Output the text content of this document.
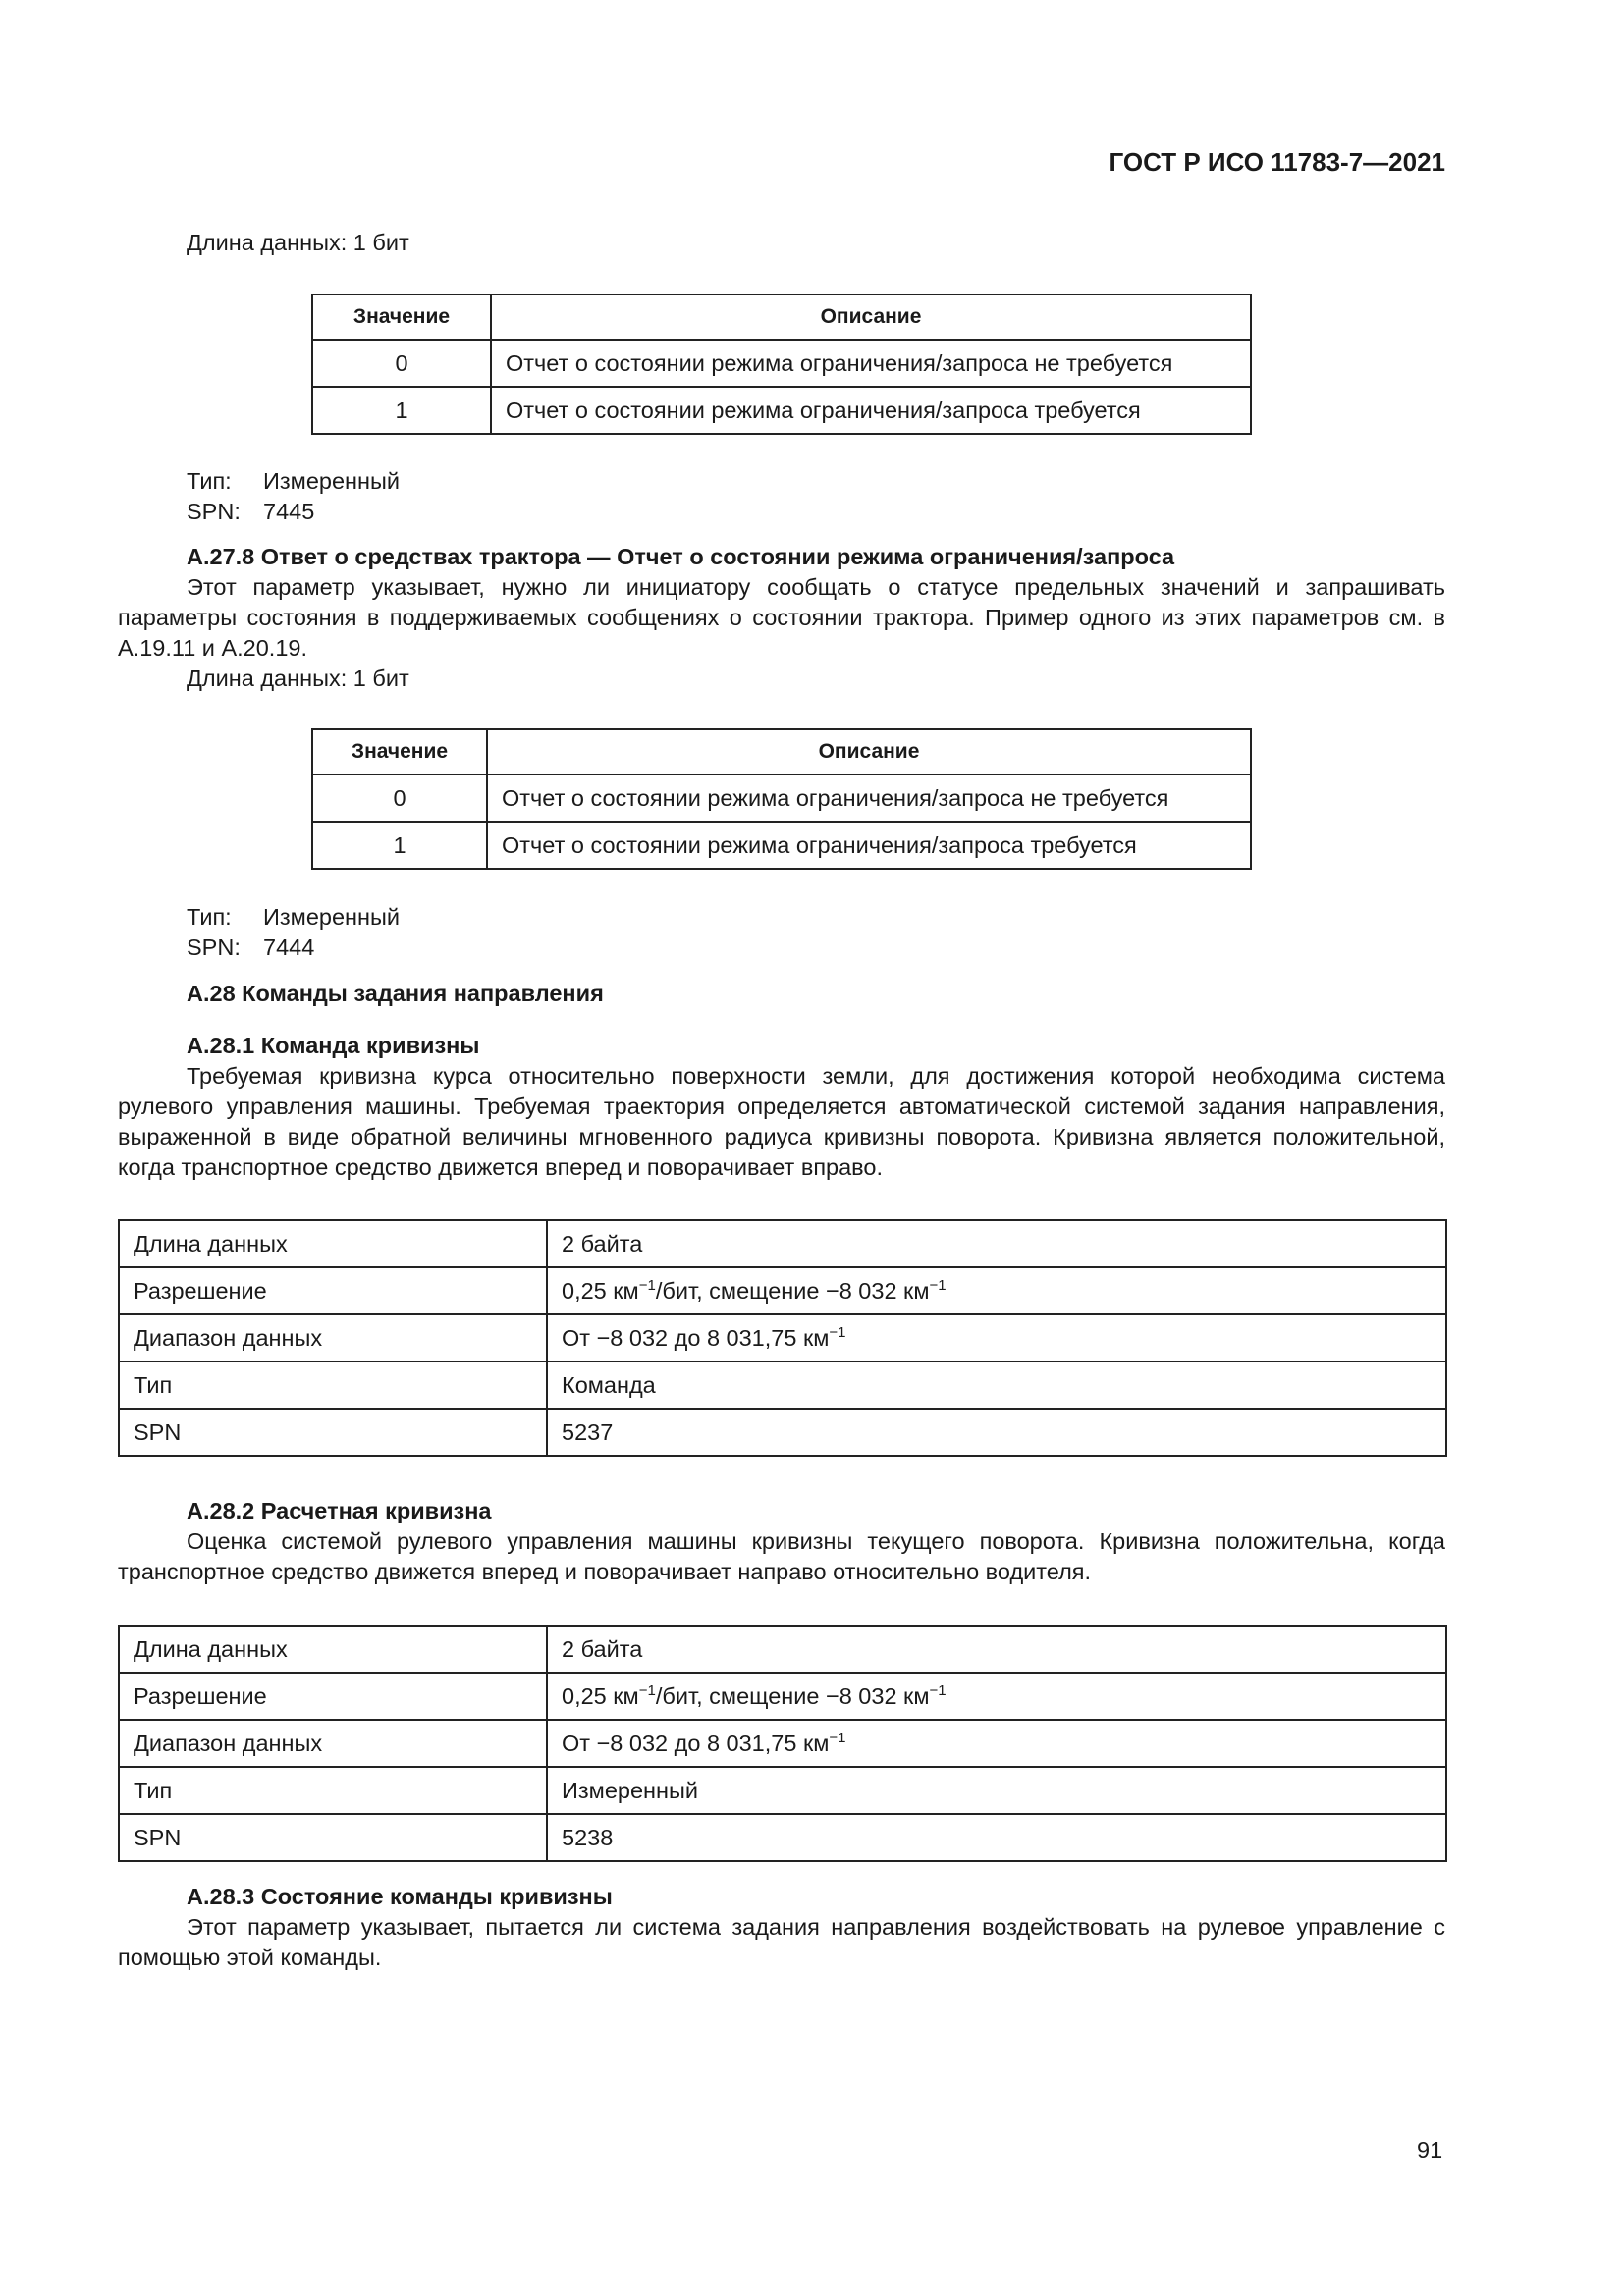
ГОСТ Р ИСО 11783-7—2021

Длина данных: 1 бит

Значение	Описание
0	Отчет о состоянии режима ограничения/запроса не требуется
1	Отчет о состоянии режима ограничения/запроса требуется

Тип: Измеренный

SPN: 7445

А.27.8 Ответ о средствах трактора — Отчет о состоянии режима ограничения/запроса

Этот параметр указывает, нужно ли инициатору сообщать о статусе предельных значений и запрашивать параметры состояния в поддерживаемых сообщениях о состоянии трактора. Пример одного из этих параметров см. в А.19.11 и А.20.19.

Длина данных: 1 бит

Значение	Описание
0	Отчет о состоянии режима ограничения/запроса не требуется
1	Отчет о состоянии режима ограничения/запроса требуется

Тип: Измеренный

SPN: 7444

А.28 Команды задания направления
А.28.1 Команда кривизны

Требуемая кривизна курса относительно поверхности земли, для достижения которой необходима система рулевого управления машины. Требуемая траектория определяется автоматической системой задания направления, выраженной в виде обратной величины мгновенного радиуса кривизны поворота. Кривизна является положительной, когда транспортное средство движется вперед и поворачивает вправо.

Длина данных	2 байта
Разрешение	0,25 $км^{-1}$/бит, смещение −8 032 $км^{-1}$
Диапазон данных	От −8 032 до 8 031,75 $км^{-1}$
Тип	Команда
SPN	5237
А.28.2 Расчетная кривизна

Оценка системой рулевого управления машины кривизны текущего поворота. Кривизна положительна, когда транспортное средство движется вперед и поворачивает направо относительно водителя.

Длина данных	2 байта
Разрешение	0,25 $км^{-1}$/бит, смещение −8 032 $км^{-1}$
Диапазон данных	От −8 032 до 8 031,75 $км^{-1}$
Тип	Измеренный
SPN	5238
А.28.3 Состояние команды кривизны

Этот параметр указывает, пытается ли система задания направления воздействовать на рулевое управление с помощью этой команды.

91
